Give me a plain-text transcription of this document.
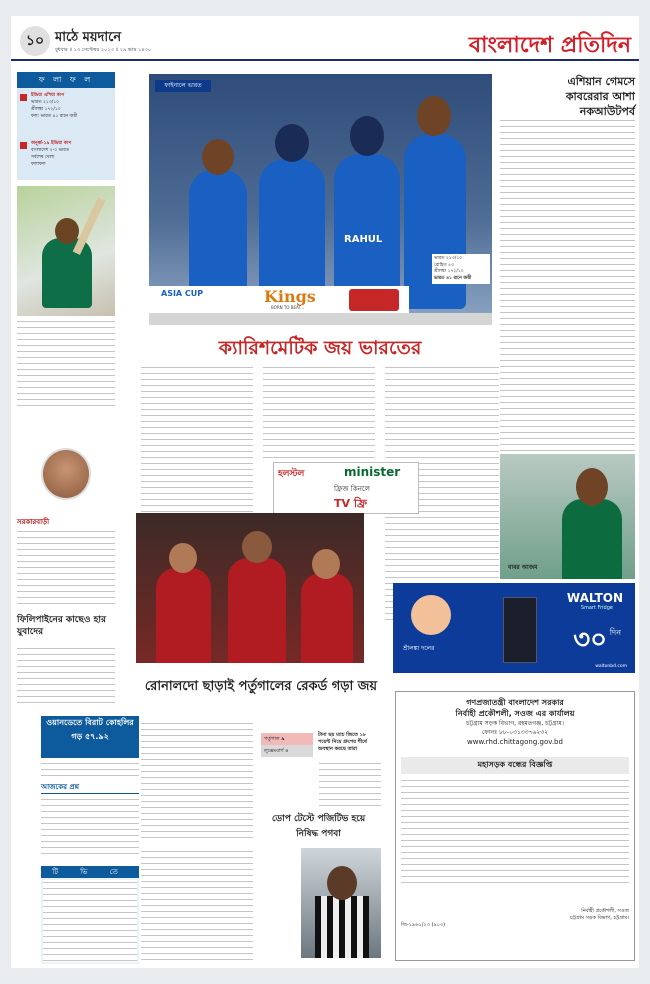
১০ মাঠে ময়দানে
বুধবার ॥ ১৩ সেপ্টেম্বর ২০২৩ ॥ ২৯ ভাদ্র ১৪৩০	বাংলাদেশ প্রতিদিন
ফ লা ফ ল
ইন্ডিয়া এশিয়া কাপ
ভারত ২১৩/১০
শ্রীলঙ্কা ১৭২/১০
ফল: ভারত ৪১ রানে জয়ী
অনূর্ধ্ব-১৯ ইন্ডিয়া কাপ
বাংলাদেশ ২-০ ভারত
সর্বশেষ খেলা
ফলাফল
সরকারবাড়ী
ফিলিপাইনের কাছেও হার যুবাদের
ওয়ানডেতে বিরাট কোহলির
গড় ৫৭.৯২
আজকের প্রশ্ন
টি ভি তে
ফাইনালে ভারত
RAHUL
ভারত ২১৩/১০
রোহিত ৫৩
শ্রীলঙ্কা ১৭২/১০
ভারত ৪১ রানে জয়ী
ASIA CUP	Kings
BORN TO BEAT...
ক্যারিশমেটিক জয় ভারতের
হলস্টল	minister
ফ্রিজ কিনলে
TV ফ্রি
এশিয়ান গেমসে
কাবরেরার আশা
নকআউটপর্ব
বাবর আজম
WALTON
Smart Fridge
শ্রীলঙ্কা দলের	৩০ দিন
waltonbd.com
রোনালদো ছাড়াই পর্তুগালের রেকর্ড গড়া জয়
পর্তুগাল ৯
লুক্সেমবার্গ ০
টানা ছয় ম্যাচ জিতে ১৮ পয়েন্ট নিয়ে গ্রুপের শীর্ষে অবস্থান করছে তারা
ডোপ টেস্টে পজিটিভ হয়ে নিষিদ্ধ পগবা
গণপ্রজাতন্ত্রী বাংলাদেশ সরকার
নির্বাহী প্রকৌশলী, সওজ এর কার্যালয়
চট্টগ্রাম সড়ক বিভাগ, রহমতগঞ্জ, চট্টগ্রাম।
ফোনঃ ৮৮-০৩১৩৩৭৬২৩২
www.rhd.chittagong.gov.bd
মহাসড়ক বন্ধের বিজ্ঞপ্তি
নির্বাহী প্রকৌশলী, সওজ
চট্টগ্রাম সড়ক বিভাগ, চট্টগ্রাম।
জি-১৯৬১/২৩ (৯০৩)
